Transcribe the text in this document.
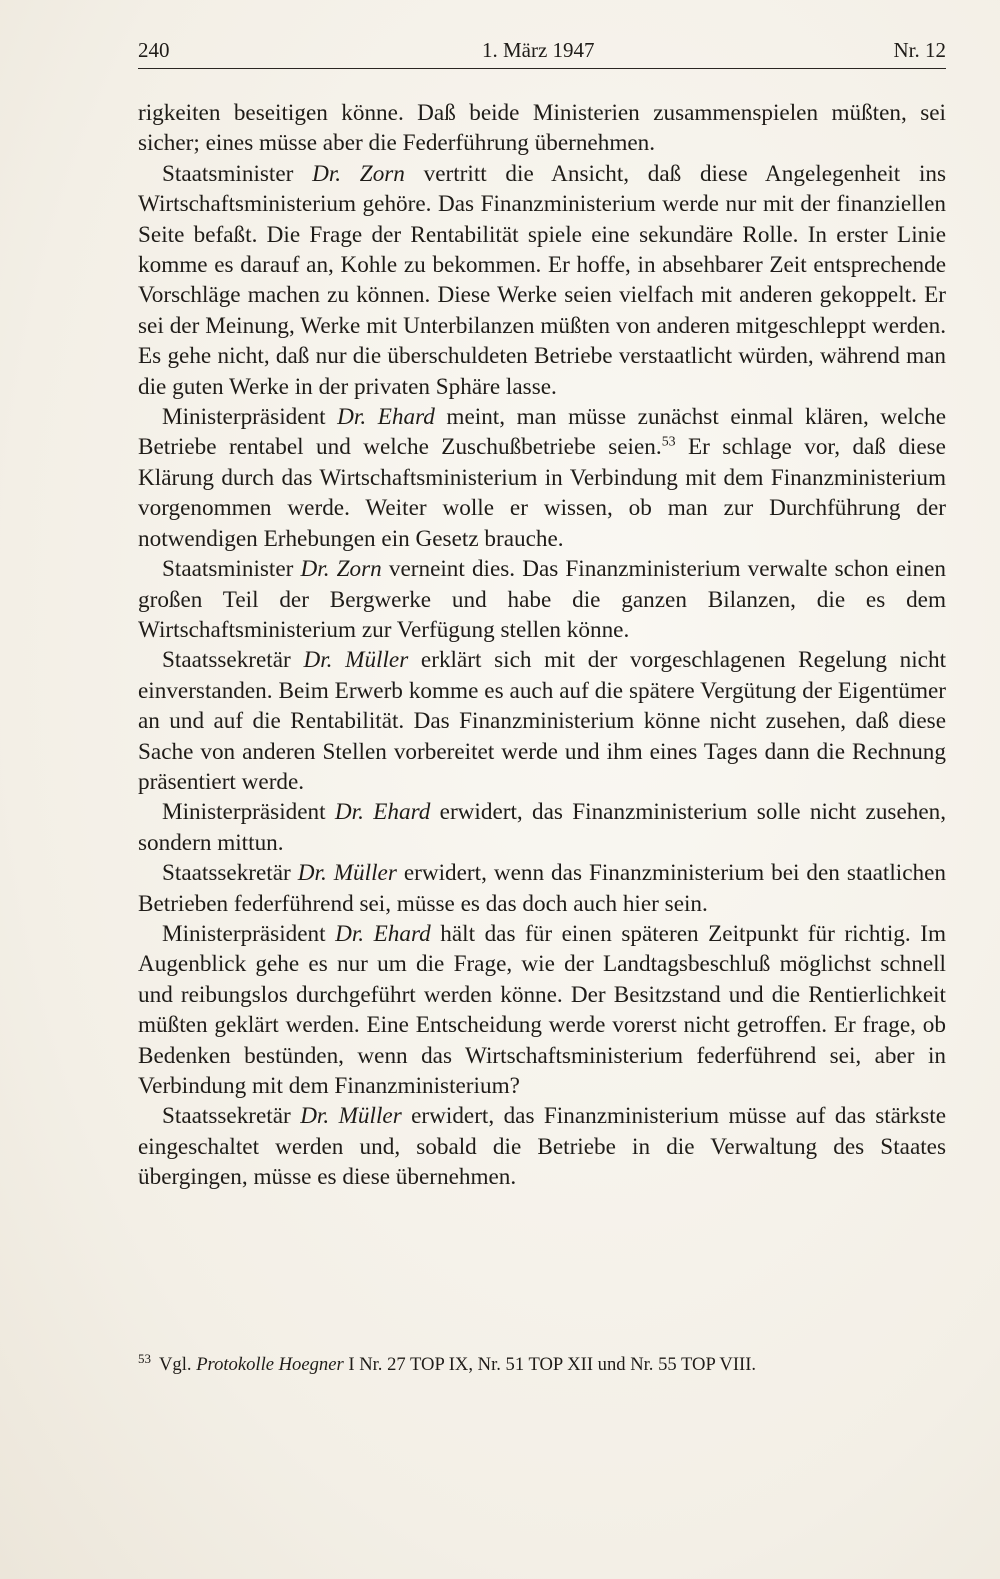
240	1. März 1947	Nr. 12

rigkeiten beseitigen könne. Daß beide Ministerien zusammenspielen müßten, sei sicher; eines müsse aber die Federführung übernehmen.

Staatsminister Dr. Zorn vertritt die Ansicht, daß diese Angelegenheit ins Wirtschaftsministerium gehöre. Das Finanzministerium werde nur mit der finanziellen Seite befaßt. Die Frage der Rentabilität spiele eine sekundäre Rolle. In erster Linie komme es darauf an, Kohle zu bekommen. Er hoffe, in absehbarer Zeit entsprechende Vorschläge machen zu können. Diese Werke seien vielfach mit anderen gekoppelt. Er sei der Meinung, Werke mit Unterbilanzen müßten von anderen mitgeschleppt werden. Es gehe nicht, daß nur die überschuldeten Betriebe verstaatlicht würden, während man die guten Werke in der privaten Sphäre lasse.

Ministerpräsident Dr. Ehard meint, man müsse zunächst einmal klären, welche Betriebe rentabel und welche Zuschußbetriebe seien.$^{53}$ Er schlage vor, daß diese Klärung durch das Wirtschaftsministerium in Verbindung mit dem Finanzministerium vorgenommen werde. Weiter wolle er wissen, ob man zur Durchführung der notwendigen Erhebungen ein Gesetz brauche.

Staatsminister Dr. Zorn verneint dies. Das Finanzministerium verwalte schon einen großen Teil der Bergwerke und habe die ganzen Bilanzen, die es dem Wirtschaftsministerium zur Verfügung stellen könne.

Staatssekretär Dr. Müller erklärt sich mit der vorgeschlagenen Regelung nicht einverstanden. Beim Erwerb komme es auch auf die spätere Vergütung der Eigentümer an und auf die Rentabilität. Das Finanzministerium könne nicht zusehen, daß diese Sache von anderen Stellen vorbereitet werde und ihm eines Tages dann die Rechnung präsentiert werde.

Ministerpräsident Dr. Ehard erwidert, das Finanzministerium solle nicht zusehen, sondern mittun.

Staatssekretär Dr. Müller erwidert, wenn das Finanzministerium bei den staatlichen Betrieben federführend sei, müsse es das doch auch hier sein.

Ministerpräsident Dr. Ehard hält das für einen späteren Zeitpunkt für richtig. Im Augenblick gehe es nur um die Frage, wie der Landtagsbeschluß möglichst schnell und reibungslos durchgeführt werden könne. Der Besitzstand und die Rentierlichkeit müßten geklärt werden. Eine Entscheidung werde vorerst nicht getroffen. Er frage, ob Bedenken bestünden, wenn das Wirtschaftsministerium federführend sei, aber in Verbindung mit dem Finanzministerium?

Staatssekretär Dr. Müller erwidert, das Finanzministerium müsse auf das stärkste eingeschaltet werden und, sobald die Betriebe in die Verwaltung des Staates übergingen, müsse es diese übernehmen.

$^{53}$ Vgl. Protokolle Hoegner I Nr. 27 TOP IX, Nr. 51 TOP XII und Nr. 55 TOP VIII.
